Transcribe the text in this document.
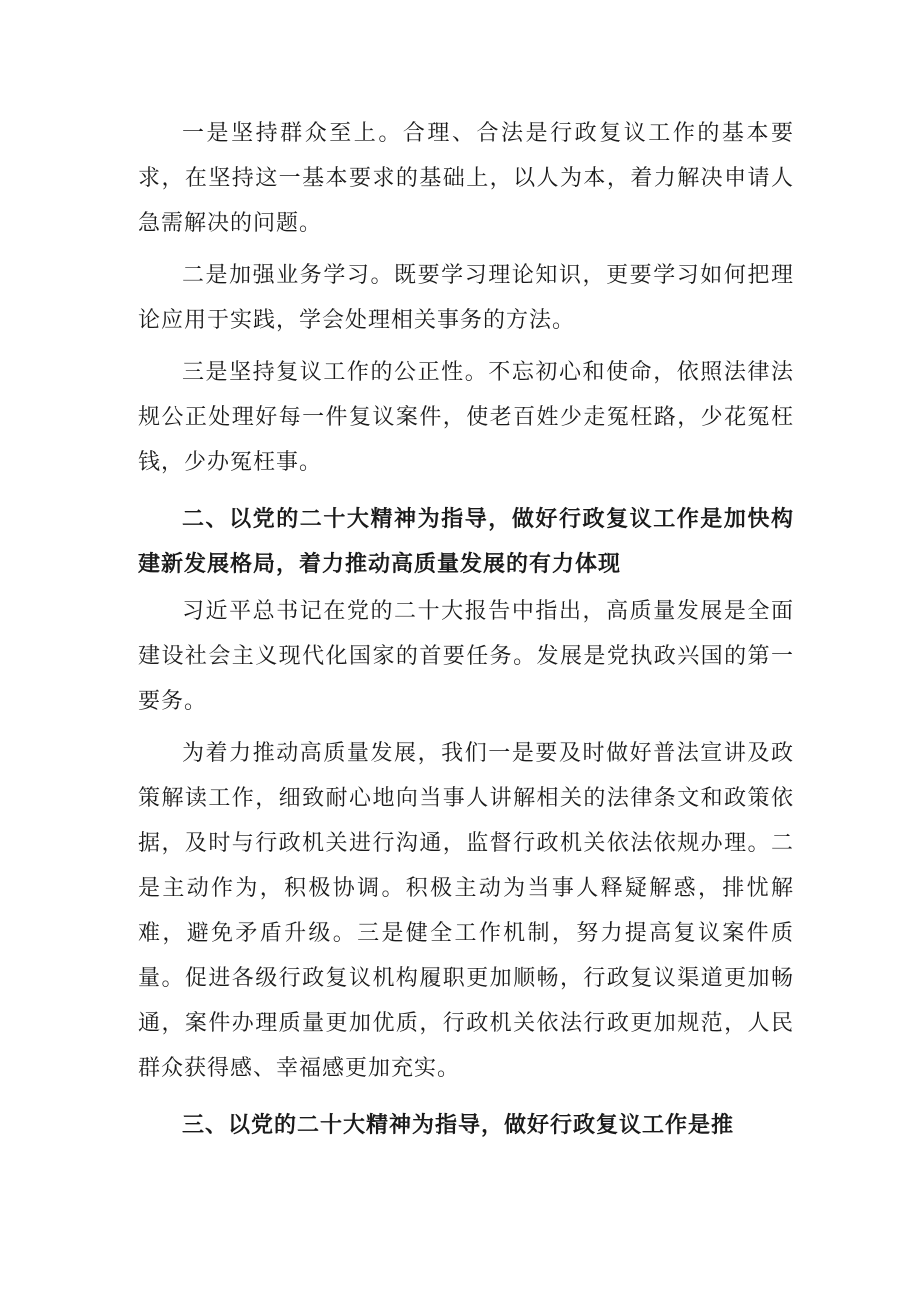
一是坚持群众至上。合理、合法是行政复议工作的基本要求，在坚持这一基本要求的基础上，以人为本，着力解决申请人急需解决的问题。

二是加强业务学习。既要学习理论知识，更要学习如何把理论应用于实践，学会处理相关事务的方法。

三是坚持复议工作的公正性。不忘初心和使命，依照法律法规公正处理好每一件复议案件，使老百姓少走冤枉路，少花冤枉钱，少办冤枉事。

二、以党的二十大精神为指导，做好行政复议工作是加快构建新发展格局，着力推动高质量发展的有力体现

习近平总书记在党的二十大报告中指出，高质量发展是全面建设社会主义现代化国家的首要任务。发展是党执政兴国的第一要务。

为着力推动高质量发展，我们一是要及时做好普法宣讲及政策解读工作，细致耐心地向当事人讲解相关的法律条文和政策依据，及时与行政机关进行沟通，监督行政机关依法依规办理。二是主动作为，积极协调。积极主动为当事人释疑解惑，排忧解难，避免矛盾升级。三是健全工作机制，努力提高复议案件质量。促进各级行政复议机构履职更加顺畅，行政复议渠道更加畅通，案件办理质量更加优质，行政机关依法行政更加规范，人民群众获得感、幸福感更加充实。

三、以党的二十大精神为指导，做好行政复议工作是推
